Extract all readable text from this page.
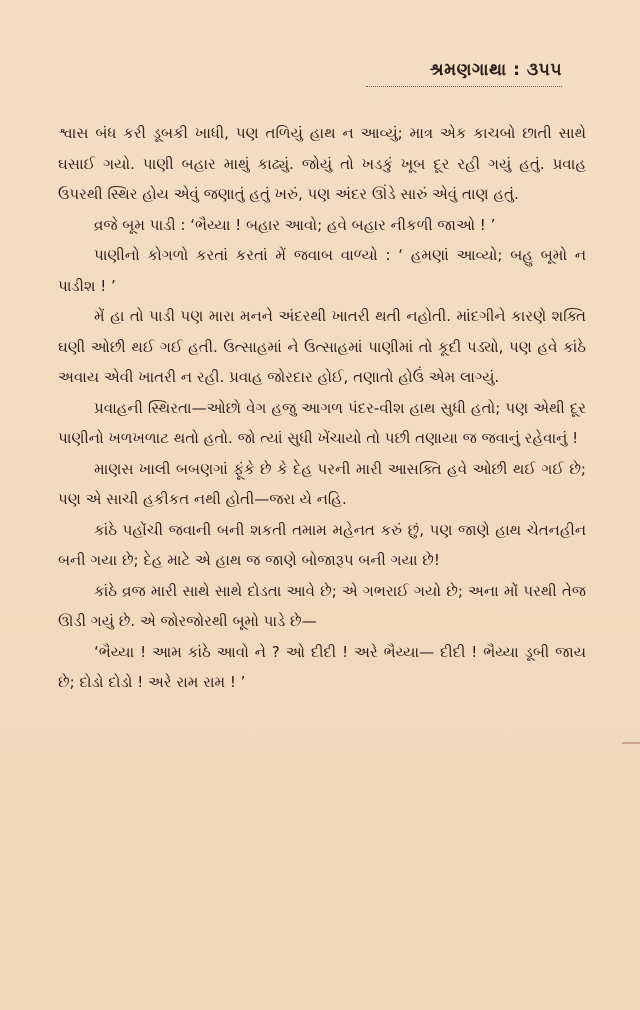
શ્રમણગાથા : ૩૫૫

શ્વાસ બંધ કરી ડૂબકી ખાધી, પણ તળિયું હાથ ન આવ્યું; માત્ર એક કાચબો છાતી સાથે ઘસાઈ ગયો. પાણી બહાર માથું કાઢ્યું. જોયું તો ખડકું ખૂબ દૂર રહી ગયું હતું. પ્રવાહ ઉપરથી સ્થિર હોય એવું જણાતું હતું ખરું, પણ અંદર ઊંડે સારું એવું તાણ હતું.

વ્રજે બૂમ પાડી : ‘ભૈય્યા ! બહાર આવો; હવે બહાર નીકળી જાઓ ! ’

પાણીનો કોગળો કરતાં કરતાં મેં જવાબ વાળ્યો : ‘ હમણાં આવ્યો; બહુ બૂમો ન પાડીશ ! ’

મેં હા તો પાડી પણ મારા મનને અંદરથી ખાતરી થતી નહોતી. માંદગીને કારણે શક્તિ ઘણી ઓછી થઈ ગઈ હતી. ઉત્સાહમાં ને ઉત્સાહમાં પાણીમાં તો કૂદી પડ્યો, પણ હવે કાંઠે અવાય એવી ખાતરી ન રહી. પ્રવાહ જોરદાર હોઈ, તણાતો હોઉં એમ લાગ્યું.

પ્રવાહની સ્થિરતા—ઓછો વેગ હજુ આગળ પંદર-વીશ હાથ સુધી હતો; પણ એથી દૂર પાણીનો ખળખળાટ થતો હતો. જો ત્યાં સુધી ખેંચાયો તો પછી તણાયા જ જવાનું રહેવાનું !

માણસ ખાલી બબણગાં ફૂંકે છે કે દેહ પરની મારી આસક્તિ હવે ઓછી થઈ ગઈ છે; પણ એ સાચી હકીકત નથી હોતી—જરા યે નહિ.

કાંઠે પહોંચી જવાની બની શકતી તમામ મહેનત કરું છું, પણ જાણે હાથ ચેતનહીન બની ગયા છે; દેહ માટે એ હાથ જ જાણે બોજારૂપ બની ગયા છે!

કાંઠે વ્રજ મારી સાથે સાથે દોડતા આવે છે; એ ગભરાઈ ગયો છે; અના મોં પરથી તેજ ઊડી ગયું છે. એ જોરજોરથી બૂમો પાડે છે—

‘ભૈય્યા ! આમ કાંઠે આવો ને ? ઓ દીદી ! અરે ભૈય્યા— દીદી ! ભૈય્યા ડૂબી જાય છે; દોડો દોડો ! અરે રામ રામ ! ’
